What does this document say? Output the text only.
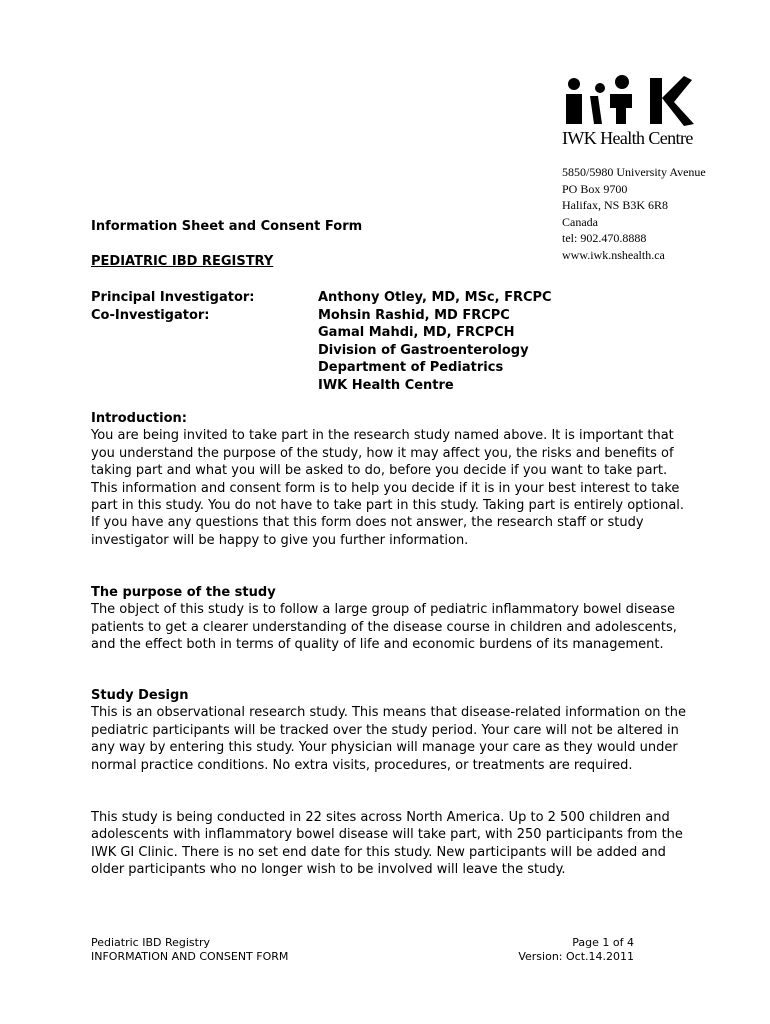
IWK Health Centre
5850/5980 University Avenue
PO Box 9700
Halifax, NS B3K 6R8
Canada
tel: 902.470.8888
www.iwk.nshealth.ca
Information Sheet and Consent Form
PEDIATRIC IBD REGISTRY
Principal Investigator:
Co-Investigator:
Anthony Otley, MD, MSc, FRCPC
Mohsin Rashid, MD FRCPC
Gamal Mahdi, MD, FRCPCH
Division of Gastroenterology
Department of Pediatrics
IWK Health Centre
Introduction:

You are being invited to take part in the research study named above. It is important that you understand the purpose of the study, how it may affect you, the risks and benefits of taking part and what you will be asked to do, before you decide if you want to take part. This information and consent form is to help you decide if it is in your best interest to take part in this study. You do not have to take part in this study. Taking part is entirely optional. If you have any questions that this form does not answer, the research staff or study investigator will be happy to give you further information.

The purpose of the study

The object of this study is to follow a large group of pediatric inflammatory bowel disease patients to get a clearer understanding of the disease course in children and adolescents, and the effect both in terms of quality of life and economic burdens of its management.

Study Design

This is an observational research study. This means that disease-related information on the pediatric participants will be tracked over the study period. Your care will not be altered in any way by entering this study. Your physician will manage your care as they would under normal practice conditions. No extra visits, procedures, or treatments are required.

This study is being conducted in 22 sites across North America. Up to 2 500 children and adolescents with inflammatory bowel disease will take part, with 250 participants from the IWK GI Clinic. There is no set end date for this study. New participants will be added and older participants who no longer wish to be involved will leave the study.

Pediatric IBD Registry
INFORMATION AND CONSENT FORM
Page 1 of 4
Version: Oct.14.2011
